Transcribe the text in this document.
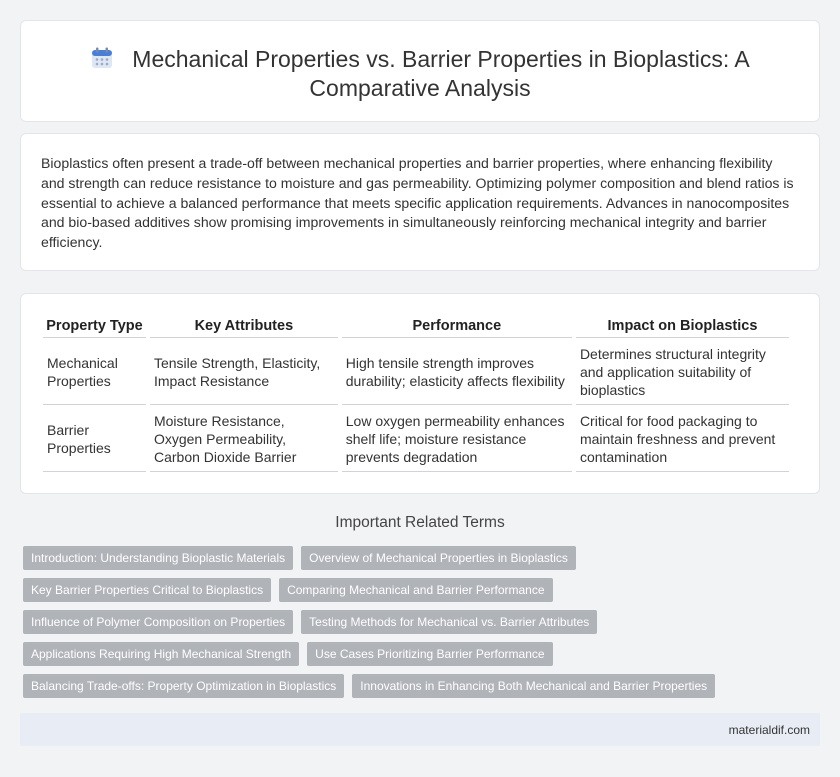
Mechanical Properties vs. Barrier Properties in Bioplastics: A Comparative Analysis

Bioplastics often present a trade-off between mechanical properties and barrier properties, where enhancing flexibility and strength can reduce resistance to moisture and gas permeability. Optimizing polymer composition and blend ratios is essential to achieve a balanced performance that meets specific application requirements. Advances in nanocomposites and bio-based additives show promising improvements in simultaneously reinforcing mechanical integrity and barrier efficiency.

Property Type	Key Attributes	Performance	Impact on Bioplastics
Mechanical Properties	Tensile Strength, Elasticity, Impact Resistance	High tensile strength improves durability; elasticity affects flexibility	Determines structural integrity and application suitability of bioplastics
Barrier Properties	Moisture Resistance, Oxygen Permeability, Carbon Dioxide Barrier	Low oxygen permeability enhances shelf life; moisture resistance prevents degradation	Critical for food packaging to maintain freshness and prevent contamination
Important Related Terms
Introduction: Understanding Bioplastic Materials	Overview of Mechanical Properties in Bioplastics
Key Barrier Properties Critical to Bioplastics	Comparing Mechanical and Barrier Performance
Influence of Polymer Composition on Properties	Testing Methods for Mechanical vs. Barrier Attributes
Applications Requiring High Mechanical Strength	Use Cases Prioritizing Barrier Performance
Balancing Trade-offs: Property Optimization in Bioplastics	Innovations in Enhancing Both Mechanical and Barrier Properties
materialdif.com
